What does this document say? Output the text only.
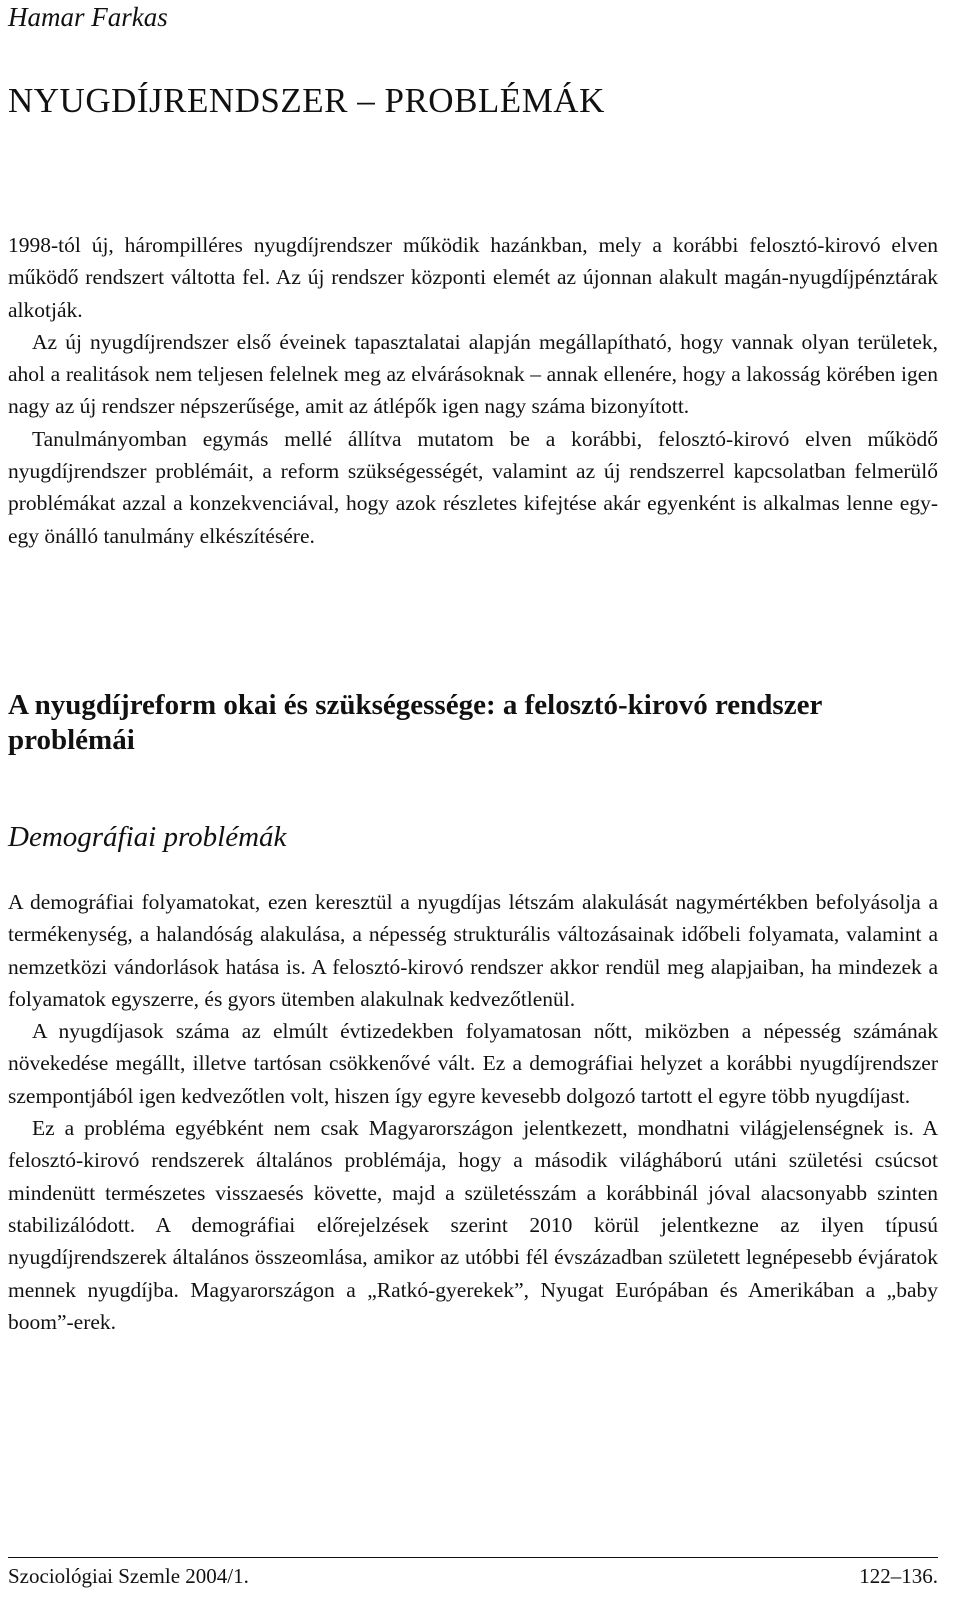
Hamar Farkas
NYUGDÍJRENDSZER – PROBLÉMÁK

1998-tól új, hárompilléres nyugdíjrendszer működik hazánkban, mely a korábbi felosztó-kirovó elven működő rendszert váltotta fel. Az új rendszer központi elemét az újonnan alakult magán-nyugdíjpénztárak alkotják.

Az új nyugdíjrendszer első éveinek tapasztalatai alapján megállapítható, hogy vannak olyan területek, ahol a realitások nem teljesen felelnek meg az elvárásoknak – annak ellenére, hogy a lakosság körében igen nagy az új rendszer népszerűsége, amit az átlépők igen nagy száma bizonyított.

Tanulmányomban egymás mellé állítva mutatom be a korábbi, felosztó-kirovó elven működő nyugdíjrendszer problémáit, a reform szükségességét, valamint az új rendszerrel kapcsolatban felmerülő problémákat azzal a konzekvenciával, hogy azok részletes kifejtése akár egyenként is alkalmas lenne egy-egy önálló tanulmány elkészítésére.

A nyugdíjreform okai és szükségessége: a felosztó-kirovó rendszer problémái
Demográfiai problémák

A demográfiai folyamatokat, ezen keresztül a nyugdíjas létszám alakulását nagymértékben befolyásolja a termékenység, a halandóság alakulása, a népesség strukturális változásainak időbeli folyamata, valamint a nemzetközi vándorlások hatása is. A felosztó-kirovó rendszer akkor rendül meg alapjaiban, ha mindezek a folyamatok egyszerre, és gyors ütemben alakulnak kedvezőtlenül.

A nyugdíjasok száma az elmúlt évtizedekben folyamatosan nőtt, miközben a népesség számának növekedése megállt, illetve tartósan csökkenővé vált. Ez a demográfiai helyzet a korábbi nyugdíjrendszer szempontjából igen kedvezőtlen volt, hiszen így egyre kevesebb dolgozó tartott el egyre több nyugdíjast.

Ez a probléma egyébként nem csak Magyarországon jelentkezett, mondhatni világjelenségnek is. A felosztó-kirovó rendszerek általános problémája, hogy a második világháború utáni születési csúcsot mindenütt természetes visszaesés követte, majd a születésszám a korábbinál jóval alacsonyabb szinten stabilizálódott. A demográfiai előrejelzések szerint 2010 körül jelentkezne az ilyen típusú nyugdíjrendszerek általános összeomlása, amikor az utóbbi fél évszázadban született legnépesebb évjáratok mennek nyugdíjba. Magyarországon a „Ratkó-gyerekek”, Nyugat Európában és Amerikában a „baby boom”-erek.

Szociológiai Szemle 2004/1.	122–136.
